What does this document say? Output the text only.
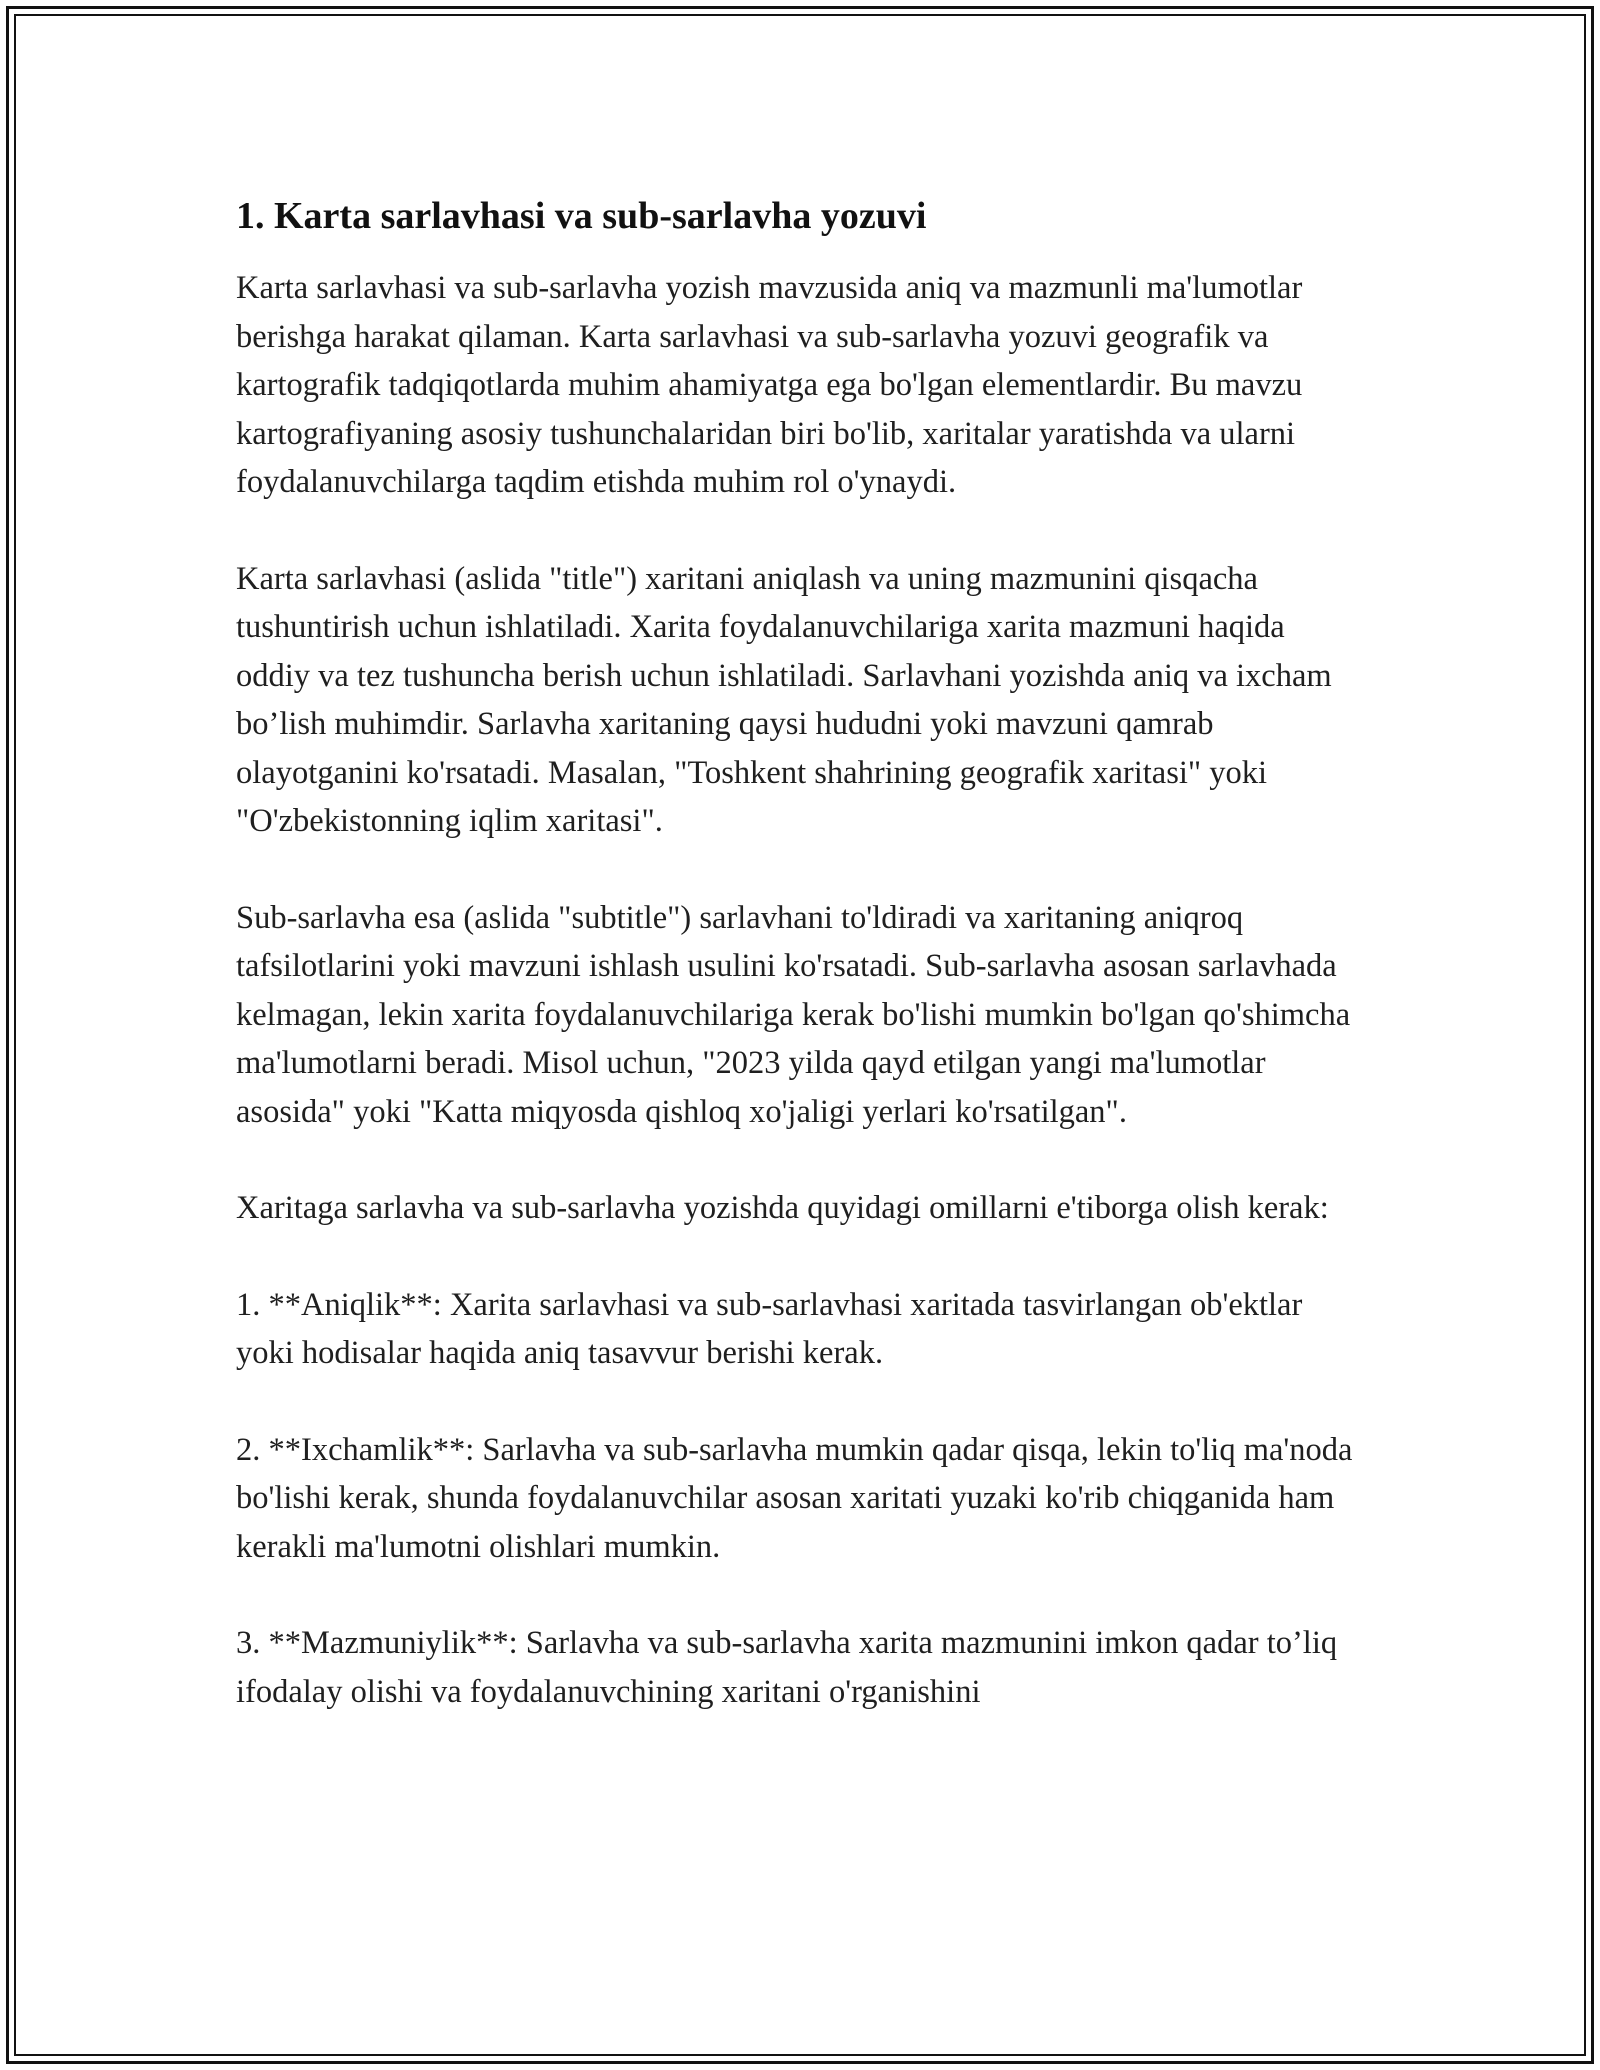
1. Karta sarlavhasi va sub-sarlavha yozuvi

Karta sarlavhasi va sub-sarlavha yozish mavzusida aniq va mazmunli ma'lumotlar berishga harakat qilaman. Karta sarlavhasi va sub-sarlavha yozuvi geografik va kartografik tadqiqotlarda muhim ahamiyatga ega bo'lgan elementlardir. Bu mavzu kartografiyaning asosiy tushunchalaridan biri bo'lib, xaritalar yaratishda va ularni foydalanuvchilarga taqdim etishda muhim rol o'ynaydi.

Karta sarlavhasi (aslida "title") xaritani aniqlash va uning mazmunini qisqacha tushuntirish uchun ishlatiladi. Xarita foydalanuvchilariga xarita mazmuni haqida oddiy va tez tushuncha berish uchun ishlatiladi. Sarlavhani yozishda aniq va ixcham bo’lish muhimdir. Sarlavha xaritaning qaysi hududni yoki mavzuni qamrab olayotganini ko'rsatadi. Masalan, "Toshkent shahrining geografik xaritasi" yoki "O'zbekistonning iqlim xaritasi".

Sub-sarlavha esa (aslida "subtitle") sarlavhani to'ldiradi va xaritaning aniqroq tafsilotlarini yoki mavzuni ishlash usulini ko'rsatadi. Sub-sarlavha asosan sarlavhada kelmagan, lekin xarita foydalanuvchilariga kerak bo'lishi mumkin bo'lgan qo'shimcha ma'lumotlarni beradi. Misol uchun, "2023 yilda qayd etilgan yangi ma'lumotlar asosida" yoki "Katta miqyosda qishloq xo'jaligi yerlari ko'rsatilgan".

Xaritaga sarlavha va sub-sarlavha yozishda quyidagi omillarni e'tiborga olish kerak:

1. **Aniqlik**: Xarita sarlavhasi va sub-sarlavhasi xaritada tasvirlangan ob'ektlar yoki hodisalar haqida aniq tasavvur berishi kerak.

2. **Ixchamlik**: Sarlavha va sub-sarlavha mumkin qadar qisqa, lekin to'liq ma'noda bo'lishi kerak, shunda foydalanuvchilar asosan xaritati yuzaki ko'rib chiqganida ham kerakli ma'lumotni olishlari mumkin.

3. **Mazmuniylik**: Sarlavha va sub-sarlavha xarita mazmunini imkon qadar to’liq ifodalay olishi va foydalanuvchining xaritani o'rganishini
